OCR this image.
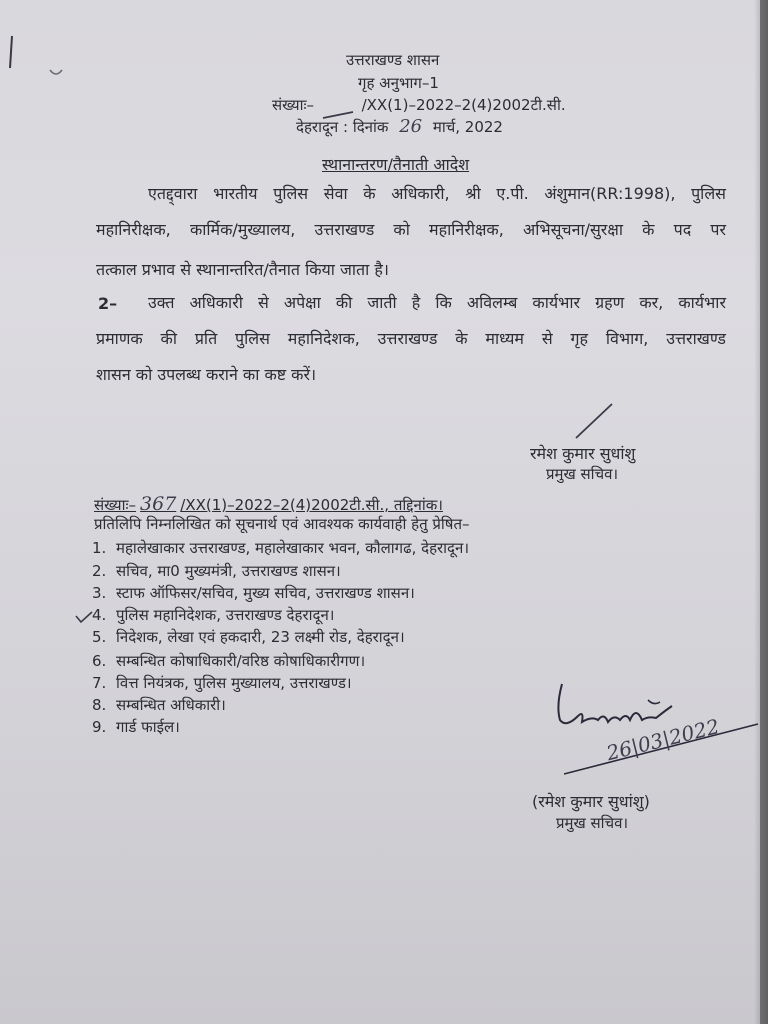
उत्तराखण्ड शासन
गृह अनुभाग–1
संख्याः–	/XX(1)–2022–2(4)2002टी.सी.
देहरादून : दिनांक 26 मार्च, 2022
स्थानान्तरण/तैनाती आदेश
एतद्द्वारा भारतीय पुलिस सेवा के अधिकारी, श्री ए.पी. अंशुमान(RR:1998), पुलिस
महानिरीक्षक, कार्मिक/मुख्यालय, उत्तराखण्ड को महानिरीक्षक, अभिसूचना/सुरक्षा के पद पर
तत्काल प्रभाव से स्थानान्तरित/तैनात किया जाता है।
2– उक्त अधिकारी से अपेक्षा की जाती है कि अविलम्ब कार्यभार ग्रहण कर, कार्यभार
प्रमाणक की प्रति पुलिस महानिदेशक, उत्तराखण्ड के माध्यम से गृह विभाग, उत्तराखण्ड
शासन को उपलब्ध कराने का कष्ट करें।
रमेश कुमार सुधांशु
प्रमुख सचिव।
संख्याः– 367 /XX(1)–2022–2(4)2002टी.सी., तद्दिनांक।
प्रतिलिपि निम्नलिखित को सूचनार्थ एवं आवश्यक कार्यवाही हेतु प्रेषित–
1. महालेखाकार उत्तराखण्ड, महालेखाकार भवन, कौलागढ, देहरादून।
2. सचिव, मा0 मुख्यमंत्री, उत्तराखण्ड शासन।
3. स्टाफ ऑफिसर/सचिव, मुख्य सचिव, उत्तराखण्ड शासन।
4. पुलिस महानिदेशक, उत्तराखण्ड देहरादून।
5. निदेशक, लेखा एवं हकदारी, 23 लक्ष्मी रोड, देहरादून।
6. सम्बन्धित कोषाधिकारी/वरिष्ठ कोषाधिकारीगण।
7. वित्त नियंत्रक, पुलिस मुख्यालय, उत्तराखण्ड।
8. सम्बन्धित अधिकारी।
9. गार्ड फाईल।	26|03|2022
(रमेश कुमार सुधांशु)
प्रमुख सचिव।
